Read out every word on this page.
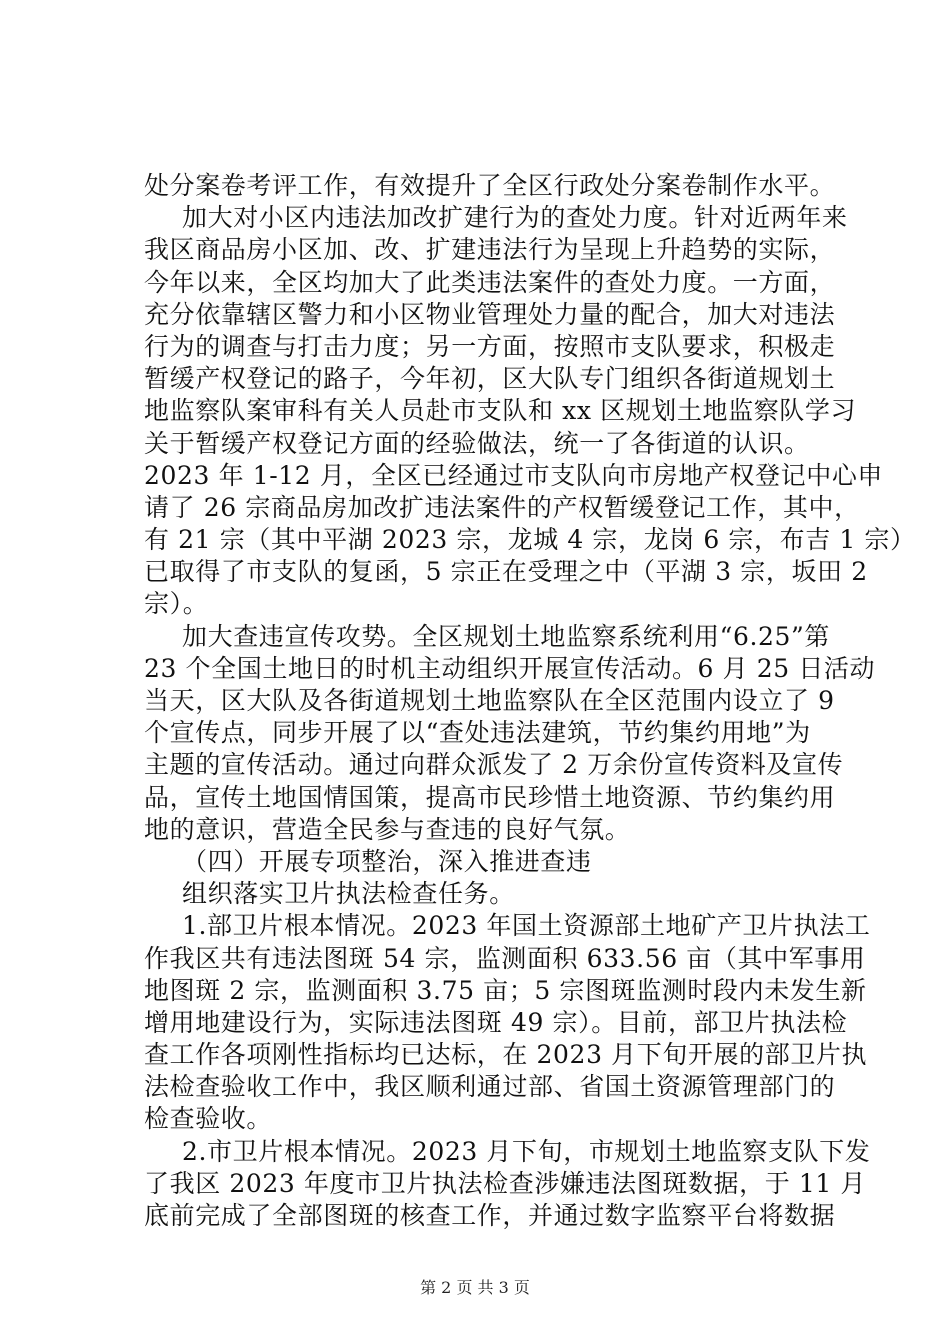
处分案卷考评工作，有效提升了全区行政处分案卷制作水平。
加大对小区内违法加改扩建行为的查处力度。针对近两年来
我区商品房小区加、改、扩建违法行为呈现上升趋势的实际，
今年以来，全区均加大了此类违法案件的查处力度。一方面，
充分依靠辖区警力和小区物业管理处力量的配合，加大对违法
行为的调查与打击力度；另一方面，按照市支队要求，积极走
暂缓产权登记的路子，今年初，区大队专门组织各街道规划土
地监察队案审科有关人员赴市支队和 xx 区规划土地监察队学习
关于暂缓产权登记方面的经验做法，统一了各街道的认识。
2023 年 1-12 月，全区已经通过市支队向市房地产权登记中心申
请了 26 宗商品房加改扩违法案件的产权暂缓登记工作，其中，
有 21 宗（其中平湖 2023 宗，龙城 4 宗，龙岗 6 宗，布吉 1 宗）
已取得了市支队的复函，5 宗正在受理之中（平湖 3 宗，坂田 2
宗）。
加大查违宣传攻势。全区规划土地监察系统利用“6.25”第
23 个全国土地日的时机主动组织开展宣传活动。6 月 25 日活动
当天，区大队及各街道规划土地监察队在全区范围内设立了 9
个宣传点，同步开展了以“查处违法建筑，节约集约用地”为
主题的宣传活动。通过向群众派发了 2 万余份宣传资料及宣传
品，宣传土地国情国策，提高市民珍惜土地资源、节约集约用
地的意识，营造全民参与查违的良好气氛。
（四）开展专项整治，深入推进查违
组织落实卫片执法检查任务。
1.部卫片根本情况。2023 年国土资源部土地矿产卫片执法工
作我区共有违法图斑 54 宗，监测面积 633.56 亩（其中军事用
地图斑 2 宗，监测面积 3.75 亩；5 宗图斑监测时段内未发生新
增用地建设行为，实际违法图斑 49 宗）。目前，部卫片执法检
查工作各项刚性指标均已达标，在 2023 月下旬开展的部卫片执
法检查验收工作中，我区顺利通过部、省国土资源管理部门的
检查验收。
2.市卫片根本情况。2023 月下旬，市规划土地监察支队下发
了我区 2023 年度市卫片执法检查涉嫌违法图斑数据，于 11 月
底前完成了全部图斑的核查工作，并通过数字监察平台将数据
第 2 页 共 3 页
